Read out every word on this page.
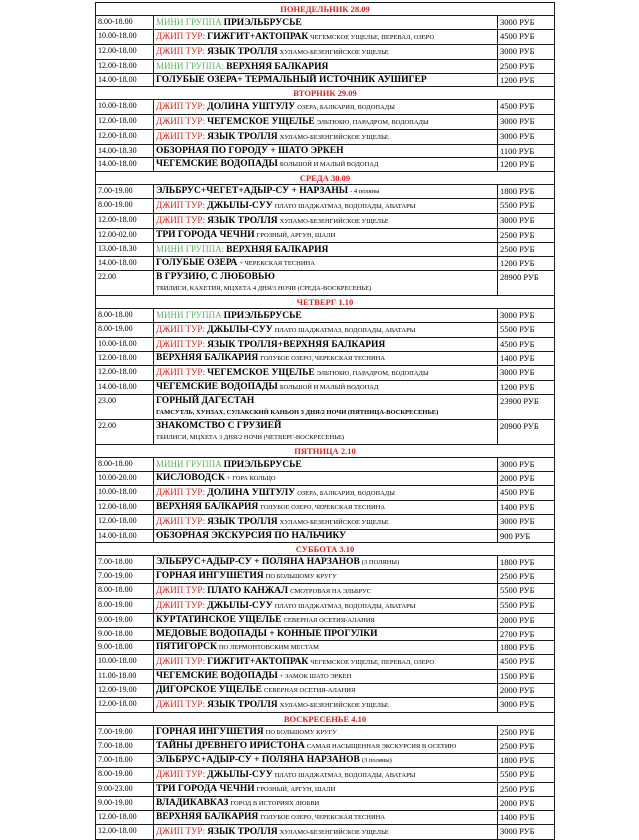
ПОНЕДЕЛЬНИК 28.09		
8.00-18.00	МИНИ ГРУППА ПРИЭЛЬБРУСЬЕ	3000 РУБ
10.00-18.00	ДЖИП ТУР: ГИЖГИТ+АКТОПРАК ЧЕГЕМСКОЕ УЩЕЛЬЕ, ПЕРЕВАЛ, ОЗЕРО	4500 РУБ
12.00-18.00	ДЖИП ТУР: ЯЗЫК ТРОЛЛЯ ХУЛАМО-БЕЗЕНГИЙСКОЕ УЩЕЛЬЕ	3000 РУБ
12.00-18.00	МИНИ ГРУППА: ВЕРХНЯЯ БАЛКАРИЯ	2500 РУБ
14.00-18.00	ГОЛУБЫЕ ОЗЕРА+ ТЕРМАЛЬНЫЙ ИСТОЧНИК АУШИГЕР	1200 РУБ
ВТОРНИК 29.09		
10.00-18.00	ДЖИП ТУР: ДОЛИНА УШТУЛУ ОЗЕРА, БАЛКАРИЯ, ВОДОПАДЫ	4500 РУБ
12.00-18.00	ДЖИП ТУР: ЧЕГЕМСКОЕ УЩЕЛЬЕ ЭЛЬТЮБЮ, ПАРАДРОМ, ВОДОПАДЫ	3000 РУБ
12.00-18.00	ДЖИП ТУР: ЯЗЫК ТРОЛЛЯ ХУЛАМО-БЕЗЕНГИЙСКОЕ УЩЕЛЬЕ	3000 РУБ
14.00-18.30	ОБЗОРНАЯ ПО ГОРОДУ + ШАТО ЭРКЕН	1100 РУБ
14.00-18.00	ЧЕГЕМСКИЕ ВОДОПАДЫ БОЛЬШОЙ И МАЛЫЙ ВОДОПАД	1200 РУБ
СРЕДА 30.09		
7.00-19.00	ЭЛЬБРУС+ЧЕГЕТ+АДЫР-СУ + НАРЗАНЫ - 4 поляны	1800 РУБ
8.00-19.00	ДЖИП ТУР: ДЖЫЛЫ-СУУ ПЛАТО ШАДЖАТМАЗ, ВОДОПАДЫ, АВАТАРЫ	5500 РУБ
12.00-18.00	ДЖИП ТУР: ЯЗЫК ТРОЛЛЯ ХУЛАМО-БЕЗЕНГИЙСКОЕ УЩЕЛЬЕ	3000 РУБ
12.00-02.00	ТРИ ГОРОДА ЧЕЧНИ ГРОЗНЫЙ, АРГУН, ШАЛИ	2500 РУБ
13.00-18.30	МИНИ ГРУППА: ВЕРХНЯЯ БАЛКАРИЯ	2500 РУБ
14.00-18.00	ГОЛУБЫЕ ОЗЕРА + ЧЕРЕКСКАЯ ТЕСНИНА	1200 РУБ
22.00	В ГРУЗИЮ, С ЛЮБОВЬЮ
ТБИЛИСИ, КАХЕТИЯ, МЦХЕТА 4 ДНЯ/3 НОЧИ (СРЕДА-ВОСКРЕСЕНЬЕ)	28900 РУБ
ЧЕТВЕРГ 1.10		
8.00-18.00	МИНИ ГРУППА ПРИЭЛЬБРУСЬЕ	3000 РУБ
8.00-19.00	ДЖИП ТУР: ДЖЫЛЫ-СУУ ПЛАТО ШАДЖАТМАЗ, ВОДОПАДЫ, АВАТАРЫ	5500 РУБ
10.00-18.00	ДЖИП ТУР: ЯЗЫК ТРОЛЛЯ+ВЕРХНЯЯ БАЛКАРИЯ	4500 РУБ
12.00-18.00	ВЕРХНЯЯ БАЛКАРИЯ ГОЛУБОЕ ОЗЕРО, ЧЕРЕКСКАЯ ТЕСНИНА	1400 РУБ
12.00-18.00	ДЖИП ТУР: ЧЕГЕМСКОЕ УЩЕЛЬЕ ЭЛЬТЮБЮ, ПАРАДРОМ, ВОДОПАДЫ	3000 РУБ
14.00-18.00	ЧЕГЕМСКИЕ ВОДОПАДЫ БОЛЬШОЙ И МАЛЫЙ ВОДОПАД	1200 РУБ
23.00	ГОРНЫЙ ДАГЕСТАН
ГАМСУТЛЬ, ХУНЗАХ, СУЛАКСКИЙ КАНЬОН 3 ДНЯ/2 НОЧИ (ПЯТНИЦА-ВОСКРЕСЕНЬЕ)	23900 РУБ
22.00	ЗНАКОМСТВО С ГРУЗИЕЙ
ТБИЛИСИ, МЦХЕТА 3 ДНЯ/2 НОЧИ (ЧЕТВЕРГ-ВОСКРЕСЕНЬЕ)	20900 РУБ
ПЯТНИЦА 2.10		
8.00-18.00	МИНИ ГРУППА ПРИЭЛЬБРУСЬЕ	3000 РУБ
10.00-20.00	КИСЛОВОДСК + ГОРА КОЛЬЦО	2000 РУБ
10.00-18.00	ДЖИП ТУР: ДОЛИНА УШТУЛУ ОЗЕРА, БАЛКАРИЯ, ВОДОПАДЫ	4500 РУБ
12.00-18.00	ВЕРХНЯЯ БАЛКАРИЯ ГОЛУБОЕ ОЗЕРО, ЧЕРЕКСКАЯ ТЕСНИНА	1400 РУБ
12.00-18.00	ДЖИП ТУР: ЯЗЫК ТРОЛЛЯ ХУЛАМО-БЕЗЕНГИЙСКОЕ УЩЕЛЬЕ	3000 РУБ
14.00-18.00	ОБЗОРНАЯ ЭКСКУРСИЯ ПО НАЛЬЧИКУ	900 РУБ
СУББОТА 3.10		
7.00-18.00	ЭЛЬБРУС+АДЫР-СУ + ПОЛЯНА НАРЗАНОВ (3 ПОЛЯНЫ)	1800 РУБ
7.00-19.00	ГОРНАЯ ИНГУШЕТИЯ ПО БОЛЬШОМУ КРУГУ	2500 РУБ
8.00-18.00	ДЖИП ТУР: ПЛАТО КАНЖАЛ СМОТРОВАЯ НА ЭЛЬБРУС	5500 РУБ
8.00-19.00	ДЖИП ТУР: ДЖЫЛЫ-СУУ ПЛАТО ШАДЖАТМАЗ, ВОДОПАДЫ, АВАТАРЫ	5500 РУБ
9.00-19.00	КУРТАТИНСКОЕ УЩЕЛЬЕ СЕВЕРНАЯ ОСЕТИЯ-АЛАНИЯ	2000 РУБ
9.00-18.00	МЕДОВЫЕ ВОДОПАДЫ + КОННЫЕ ПРОГУЛКИ	2700 РУБ
9.00-18.00	ПЯТИГОРСК ПО ЛЕРМОНТОВСКИМ МЕСТАМ	1800 РУБ
10.00-18.00	ДЖИП ТУР: ГИЖГИТ+АКТОПРАК ЧЕГЕМСКОЕ УЩЕЛЬЕ, ПЕРЕВАЛ, ОЗЕРО	4500 РУБ
11.00-18.00	ЧЕГЕМСКИЕ ВОДОПАДЫ + ЗАМОК ШАТО ЭРКЕН	1500 РУБ
12.00-19.00	ДИГОРСКОЕ УЩЕЛЬЕ СЕВЕРНАЯ ОСЕТИЯ-АЛАНИЯ	2000 РУБ
12.00-18.00	ДЖИП ТУР: ЯЗЫК ТРОЛЛЯ ХУЛАМО-БЕЗЕНГИЙСКОЕ УЩЕЛЬЕ	3000 РУБ
ВОСКРЕСЕНЬЕ 4.10		
7.00-19.00	ГОРНАЯ ИНГУШЕТИЯ ПО БОЛЬШОМУ КРУГУ	2500 РУБ
7.00-18.00	ТАЙНЫ ДРЕВНЕГО ИРИСТОНА САМАЯ НАСЫЩЕННАЯ ЭКСКУРСИЯ В ОСЕТИЮ	2500 РУБ
7.00-18.00	ЭЛЬБРУС+АДЫР-СУ + ПОЛЯНА НАРЗАНОВ (3 поляны)	1800 РУБ
8.00-19.00	ДЖИП ТУР: ДЖЫЛЫ-СУУ ПЛАТО ШАДЖАТМАЗ, ВОДОПАДЫ, АВАТАРЫ	5500 РУБ
9.00-23.00	ТРИ ГОРОДА ЧЕЧНИ ГРОЗНЫЙ, АРГУН, ШАЛИ	2500 РУБ
9.00-19.00	ВЛАДИКАВКАЗ ГОРОД В ИСТОРИЯХ ЛЮБВИ	2000 РУБ
12.00-18.00	ВЕРХНЯЯ БАЛКАРИЯ ГОЛУБОЕ ОЗЕРО, ЧЕРЕКСКАЯ ТЕСНИНА	1400 РУБ
12.00-18.00	ДЖИП ТУР: ЯЗЫК ТРОЛЛЯ ХУЛАМО-БЕЗЕНГИЙСКОЕ УЩЕЛЬЕ	3000 РУБ
